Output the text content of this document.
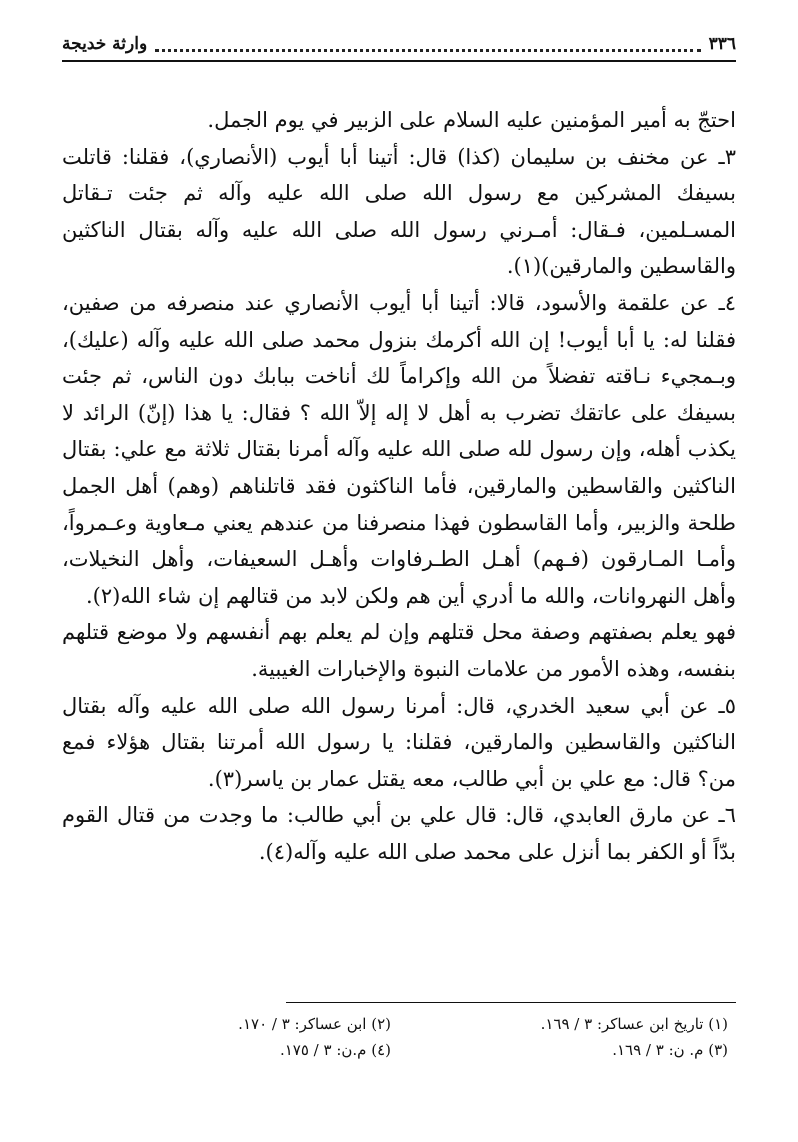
٣٣٦
وارثة خديجة

احتجّ به أمير المؤمنين عليه السلام على الزبير في يوم الجمل.

٣ـ عن مخنف بن سليمان (كذا) قال: أتينا أبا أيوب (الأنصاري)، فقلنا: قاتلت بسيفك المشركين مع رسول الله صلى الله عليه وآله ثم جئت تـقاتل المسـلمين، فـقال: أمـرني رسول الله صلى الله عليه وآله بقتال الناكثين والقاسطين والمارقين)(١).

٤ـ عن علقمة والأسود، قالا: أتينا أبا أيوب الأنصاري عند منصرفه من صفين، فقلنا له: يا أبا أيوب! إن الله أكرمك بنزول محمد صلى الله عليه وآله (عليك)، وبـمجيء نـاقته تفضلاً من الله وإكراماً لك أناخت ببابك دون الناس، ثم جئت بسيفك على عاتقك تضرب به أهل لا إله إلاّ الله ؟ فقال: يا هذا (إنّ) الرائد لا يكذب أهله، وإن رسول لله صلى الله عليه وآله أمرنا بقتال ثلاثة مع علي: بقتال الناكثين والقاسطين والمارقين، فأما الناكثون فقد قاتلناهم (وهم) أهل الجمل طلحة والزبير، وأما القاسطون فهذا منصرفنا من عندهم يعني مـعاوية وعـمرواً، وأمـا المـارقون (فـهم) أهـل الطـرفاوات وأهـل السعيفات، وأهل النخيلات، وأهل النهروانات، والله ما أدري أين هم ولكن لابد من قتالهم إن شاء الله(٢).

فهو يعلم بصفتهم وصفة محل قتلهم وإن لم يعلم بهم أنفسهم ولا موضع قتلهم بنفسه، وهذه الأمور من علامات النبوة والإخبارات الغيبية.

٥ـ عن أبي سعيد الخدري، قال: أمرنا رسول الله صلى الله عليه وآله بقتال الناكثين والقاسطين والمارقين، فقلنا: يا رسول الله أمرتنا بقتال هؤلاء فمع من؟ قال: مع علي بن أبي طالب، معه يقتل عمار بن ياسر(٣).

٦ـ عن مارق العابدي، قال: قال علي بن أبي طالب: ما وجدت من قتال القوم بدّاً أو الكفر بما أنزل على محمد صلى الله عليه وآله(٤).

(١) تاريخ ابن عساكر: ٣ / ١٦٩.
(٢) ابن عساكر: ٣ / ١٧٠.
(٣) م. ن: ٣ / ١٦٩.
(٤) م.ن: ٣ / ١٧٥.
